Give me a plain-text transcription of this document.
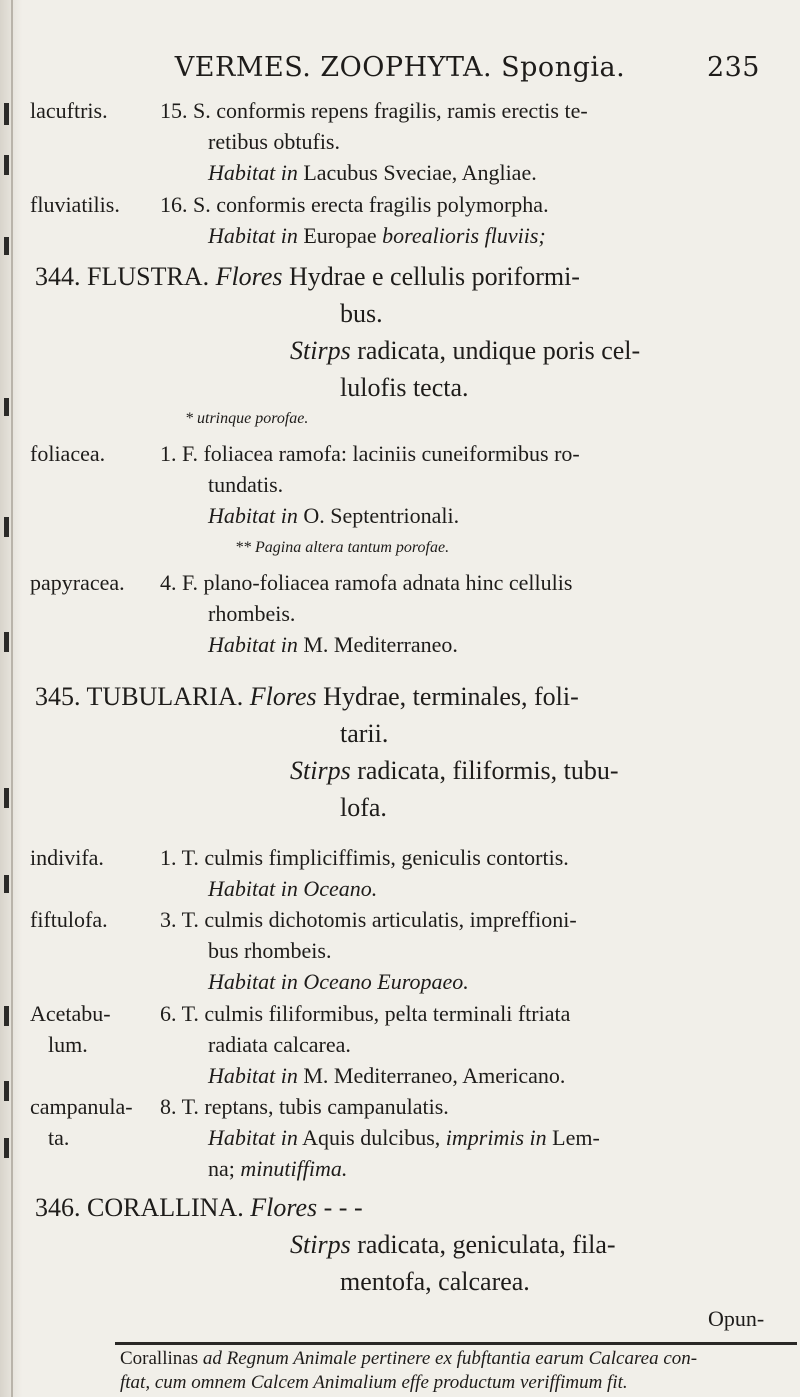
VERMES. ZOOPHYTA. Spongia.	235
lacuftris. 15. S. conformis repens fragilis, ramis erectis te-
retibus obtufis.
Habitat in Lacubus Sveciae, Angliae.
fluviatilis. 16. S. conformis erecta fragilis polymorpha.
Habitat in Europae borealioris fluviis;
344. FLUSTRA. Flores Hydrae e cellulis poriformi-
bus.
Stirps radicata, undique poris cel-
lulofis tecta.
* utrinque porofae.
foliacea. 1. F. foliacea ramofa: laciniis cuneiformibus ro-
tundatis.
Habitat in O. Septentrionali.
** Pagina altera tantum porofae.
papyracea. 4. F. plano-foliacea ramofa adnata hinc cellulis
rhombeis.
Habitat in M. Mediterraneo.
345. TUBULARIA. Flores Hydrae, terminales, foli-
tarii.
Stirps radicata, filiformis, tubu-
lofa.
indivifa.	1. T. culmis fimpliciffimis, geniculis contortis.
Habitat in Oceano.
fiftulofa. 3. T. culmis dichotomis articulatis, impreffioni-
bus rhombeis.
Habitat in Oceano Europaeo.
Acetabu-
lum.
6. T. culmis filiformibus, pelta terminali ftriata
radiata calcarea.
Habitat in M. Mediterraneo, Americano.
campanula-
ta.
8. T. reptans, tubis campanulatis.
Habitat in Aquis dulcibus, imprimis in Lem-
na; minutiffima.
346. CORALLINA. Flores - - -
Stirps radicata, geniculata, fila-
mentofa, calcarea.
Opun-
Corallinas ad Regnum Animale pertinere ex fubftantia earum Calcarea con-
ftat, cum omnem Calcem Animalium effe productum veriffimum fit.
